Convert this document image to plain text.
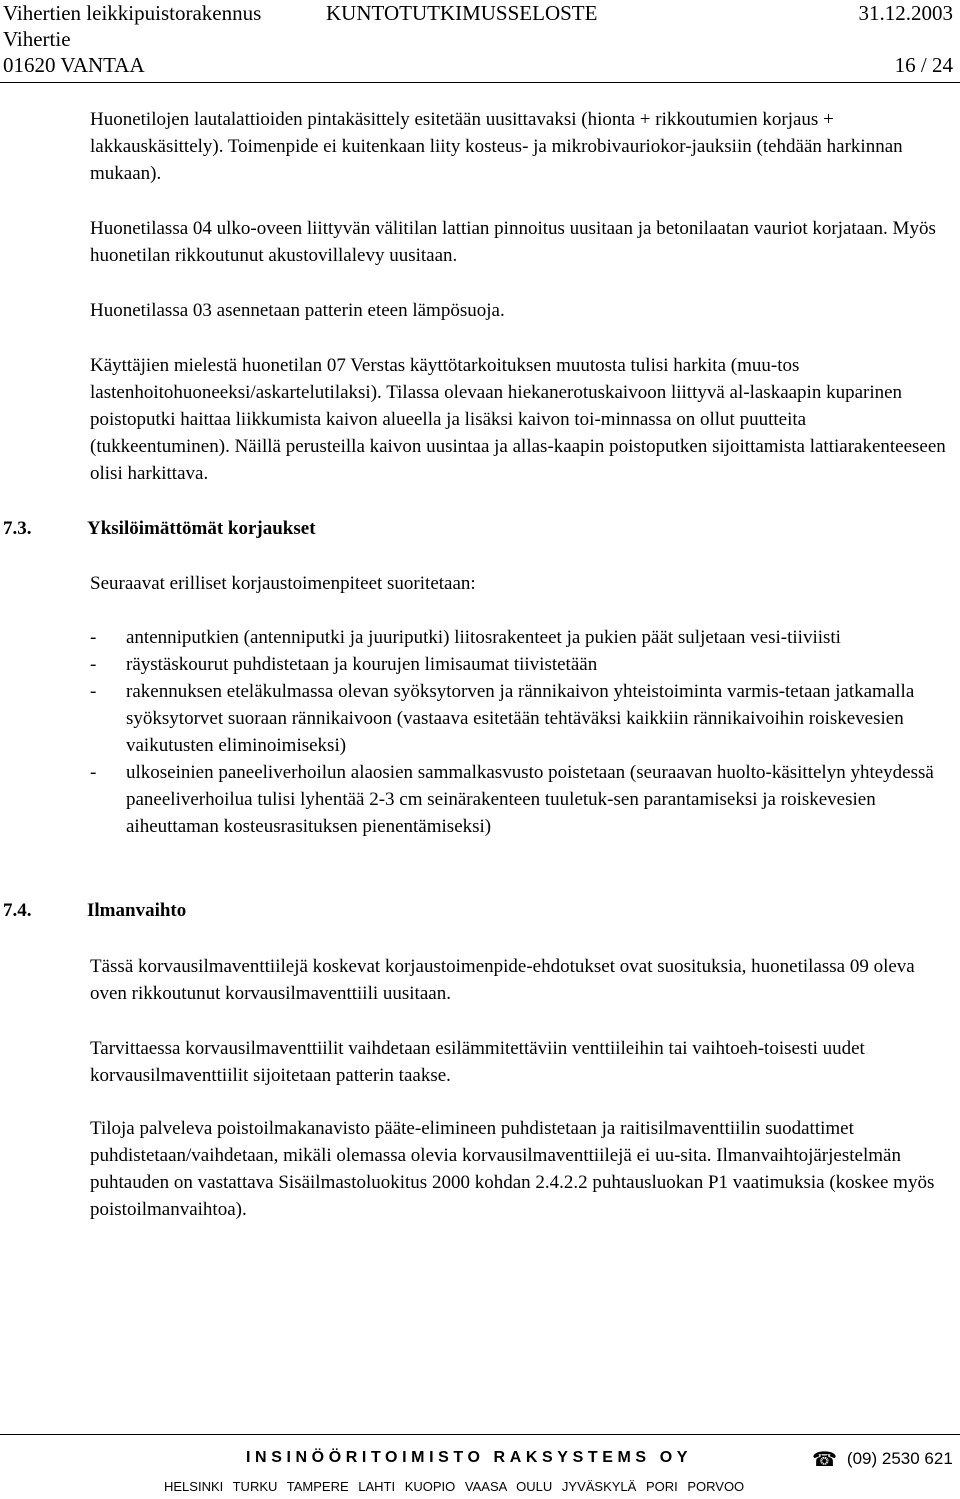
Vihertien leikkipuistorakennus	KUNTOTUTKIMUSSELOSTE	31.12.2003
Vihertie
01620 VANTAA	16 / 24
Huonetilojen lautalattioiden pintakäsittely esitetään uusittavaksi (hionta + rikkoutumien korjaus + lakkauskäsittely). Toimenpide ei kuitenkaan liity kosteus- ja mikrobivauriokor-jauksiin (tehdään harkinnan mukaan).
Huonetilassa 04 ulko-oveen liittyvän välitilan lattian pinnoitus uusitaan ja betonilaatan vauriot korjataan. Myös huonetilan rikkoutunut akustovillalevy uusitaan.
Huonetilassa 03 asennetaan patterin eteen lämpösuoja.
Käyttäjien mielestä huonetilan 07 Verstas käyttötarkoituksen muutosta tulisi harkita (muu-tos lastenhoitohuoneeksi/askartelutilaksi). Tilassa olevaan hiekanerotuskaivoon liittyvä al-laskaapin kuparinen poistoputki haittaa liikkumista kaivon alueella ja lisäksi kaivon toi-minnassa on ollut puutteita (tukkeentuminen). Näillä perusteilla kaivon uusintaa ja allas-kaapin poistoputken sijoittamista lattiarakenteeseen olisi harkittava.
7.3.	Yksilöimättömät korjaukset
Seuraavat erilliset korjaustoimenpiteet suoritetaan:
- antenniputkien (antenniputki ja juuriputki) liitosrakenteet ja pukien päät suljetaan vesi-tiiviisti
- räystäskourut puhdistetaan ja kourujen limisaumat tiivistetään
- rakennuksen eteläkulmassa olevan syöksytorven ja rännikaivon yhteistoiminta varmis-tetaan jatkamalla syöksytorvet suoraan rännikaivoon (vastaava esitetään tehtäväksi kaikkiin rännikaivoihin roiskevesien vaikutusten eliminoimiseksi)
- ulkoseinien paneeliverhoilun alaosien sammalkasvusto poistetaan (seuraavan huolto-käsittelyn yhteydessä paneeliverhoilua tulisi lyhentää 2-3 cm seinärakenteen tuuletuk-sen parantamiseksi ja roiskevesien aiheuttaman kosteusrasituksen pienentämiseksi)
7.4.	Ilmanvaihto
Tässä korvausilmaventtiilejä koskevat korjaustoimenpide-ehdotukset ovat suosituksia, huonetilassa 09 oleva oven rikkoutunut korvausilmaventtiili uusitaan.
Tarvittaessa korvausilmaventtiilit vaihdetaan esilämmitettäviin venttiileihin tai vaihtoeh-toisesti uudet korvausilmaventtiilit sijoitetaan patterin taakse.
Tiloja palveleva poistoilmakanavisto pääte-elimineen puhdistetaan ja raitisilmaventtiilin suodattimet puhdistetaan/vaihdetaan, mikäli olemassa olevia korvausilmaventtiilejä ei uu-sita. Ilmanvaihtojärjestelmän puhtauden on vastattava Sisäilmastoluokitus 2000 kohdan 2.4.2.2 puhtausluokan P1 vaatimuksia (koskee myös poistoilmanvaihtoa).
INSINÖÖRITOIMISTO RAKSYSTEMS OY	☎ (09) 2530 621
HELSINKI TURKU TAMPERE LAHTI KUOPIO VAASA OULU JYVÄSKYLÄ PORI PORVOO
